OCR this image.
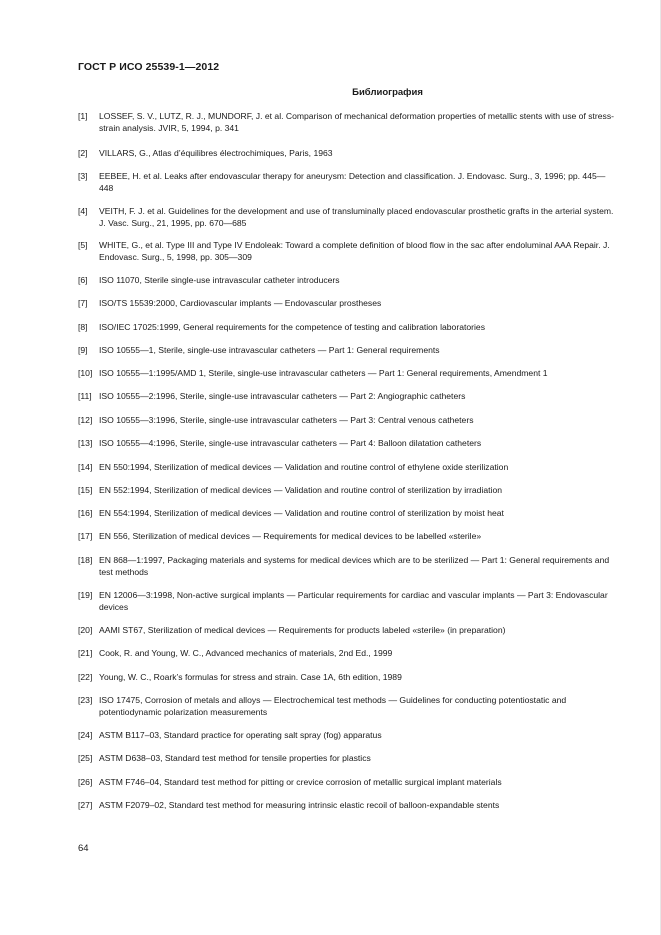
ГОСТ Р ИСО 25539-1—2012
Библиография
[1]	LOSSEF, S. V., LUTZ, R. J., MUNDORF, J. et al. Comparison of mechanical deformation properties of metallic stents with use of stress-strain analysis. JVIR, 5, 1994, p. 341
[2]	VILLARS, G., Atlas d’équilibres électrochimiques, Paris, 1963
[3]	EEBEE, H. et al. Leaks after endovascular therapy for aneurysm: Detection and classification. J. Endovasc. Surg., 3, 1996; pp. 445—448
[4]	VEITH, F. J. et al. Guidelines for the development and use of transluminally placed endovascular prosthetic grafts in the arterial system. J. Vasc. Surg., 21, 1995, pp. 670—685
[5]	WHITE, G., et al. Type III and Type IV Endoleak: Toward a complete definition of blood flow in the sac after endoluminal AAA Repair. J. Endovasc. Surg., 5, 1998, pp. 305—309
[6]	ISO 11070, Sterile single-use intravascular catheter introducers
[7]	ISO/TS 15539:2000, Cardiovascular implants — Endovascular prostheses
[8]	ISO/IEC 17025:1999, General requirements for the competence of testing and calibration laboratories
[9]	ISO 10555—1, Sterile, single-use intravascular catheters — Part 1: General requirements
[10] ISO 10555—1:1995/AMD 1, Sterile, single-use intravascular catheters — Part 1: General requirements, Amendment 1
[11] ISO 10555—2:1996, Sterile, single-use intravascular catheters — Part 2: Angiographic catheters
[12] ISO 10555—3:1996, Sterile, single-use intravascular catheters — Part 3: Central venous catheters
[13] ISO 10555—4:1996, Sterile, single-use intravascular catheters — Part 4: Balloon dilatation catheters
[14] EN 550:1994, Sterilization of medical devices — Validation and routine control of ethylene oxide sterilization
[15] EN 552:1994, Sterilization of medical devices — Validation and routine control of sterilization by irradiation
[16] EN 554:1994, Sterilization of medical devices — Validation and routine control of sterilization by moist heat
[17] EN 556, Sterilization of medical devices — Requirements for medical devices to be labelled «sterile»
[18] EN 868—1:1997, Packaging materials and systems for medical devices which are to be sterilized — Part 1: General requirements and test methods
[19] EN 12006—3:1998, Non-active surgical implants — Particular requirements for cardiac and vascular implants — Part 3: Endovascular devices
[20] AAMI ST67, Sterilization of medical devices — Requirements for products labeled «sterile» (in preparation)
[21] Cook, R. and Young, W. C., Advanced mechanics of materials, 2nd Ed., 1999
[22] Young, W. C., Roark’s formulas for stress and strain. Case 1A, 6th edition, 1989
[23] ISO 17475, Corrosion of metals and alloys — Electrochemical test methods — Guidelines for conducting potentiostatic and potentiodynamic polarization measurements
[24] ASTM B117–03, Standard practice for operating salt spray (fog) apparatus
[25] ASTM D638–03, Standard test method for tensile properties for plastics
[26] ASTM F746–04, Standard test method for pitting or crevice corrosion of metallic surgical implant materials
[27] ASTM F2079–02, Standard test method for measuring intrinsic elastic recoil of balloon-expandable stents
64
